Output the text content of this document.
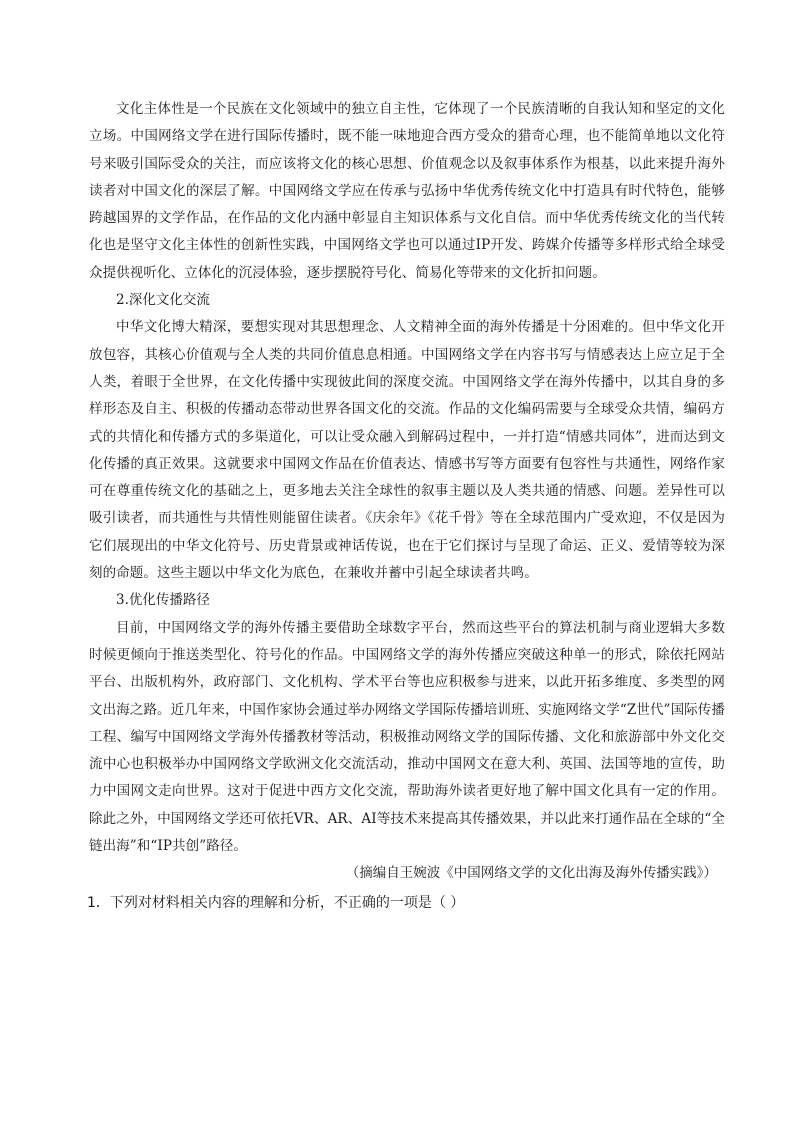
文化主体性是一个民族在文化领域中的独立自主性，它体现了一个民族清晰的自我认知和坚定的文化立场。中国网络文学在进行国际传播时，既不能一味地迎合西方受众的猎奇心理，也不能简单地以文化符号来吸引国际受众的关注，而应该将文化的核心思想、价值观念以及叙事体系作为根基，以此来提升海外读者对中国文化的深层了解。中国网络文学应在传承与弘扬中华优秀传统文化中打造具有时代特色，能够跨越国界的文学作品，在作品的文化内涵中彰显自主知识体系与文化自信。而中华优秀传统文化的当代转化也是坚守文化主体性的创新性实践，中国网络文学也可以通过IP开发、跨媒介传播等多样形式给全球受众提供视听化、立体化的沉浸体验，逐步摆脱符号化、简易化等带来的文化折扣问题。

2.深化文化交流

中华文化博大精深，要想实现对其思想理念、人文精神全面的海外传播是十分困难的。但中华文化开放包容，其核心价值观与全人类的共同价值息息相通。中国网络文学在内容书写与情感表达上应立足于全人类，着眼于全世界，在文化传播中实现彼此间的深度交流。中国网络文学在海外传播中，以其自身的多样形态及自主、积极的传播动态带动世界各国文化的交流。作品的文化编码需要与全球受众共情，编码方式的共情化和传播方式的多渠道化，可以让受众融入到解码过程中，一并打造“情感共同体”，进而达到文化传播的真正效果。这就要求中国网文作品在价值表达、情感书写等方面要有包容性与共通性，网络作家可在尊重传统文化的基础之上，更多地去关注全球性的叙事主题以及人类共通的情感、问题。差异性可以吸引读者，而共通性与共情性则能留住读者。《庆余年》《花千骨》等在全球范围内广受欢迎，不仅是因为它们展现出的中华文化符号、历史背景或神话传说，也在于它们探讨与呈现了命运、正义、爱情等较为深刻的命题。这些主题以中华文化为底色，在兼收并蓄中引起全球读者共鸣。

3.优化传播路径

目前，中国网络文学的海外传播主要借助全球数字平台，然而这些平台的算法机制与商业逻辑大多数时候更倾向于推送类型化、符号化的作品。中国网络文学的海外传播应突破这种单一的形式，除依托网站平台、出版机构外，政府部门、文化机构、学术平台等也应积极参与进来，以此开拓多维度、多类型的网文出海之路。近几年来，中国作家协会通过举办网络文学国际传播培训班、实施网络文学“Z世代”国际传播工程、编写中国网络文学海外传播教材等活动，积极推动网络文学的国际传播、文化和旅游部中外文化交流中心也积极举办中国网络文学欧洲文化交流活动，推动中国网文在意大利、英国、法国等地的宣传，助力中国网文走向世界。这对于促进中西方文化交流，帮助海外读者更好地了解中国文化具有一定的作用。除此之外，中国网络文学还可依托VR、AR、AI等技术来提高其传播效果，并以此来打通作品在全球的“全链出海”和“IP共创”路径。

（摘编自王婉波《中国网络文学的文化出海及海外传播实践》）

1．下列对材料相关内容的理解和分析，不正确的一项是（ ）
